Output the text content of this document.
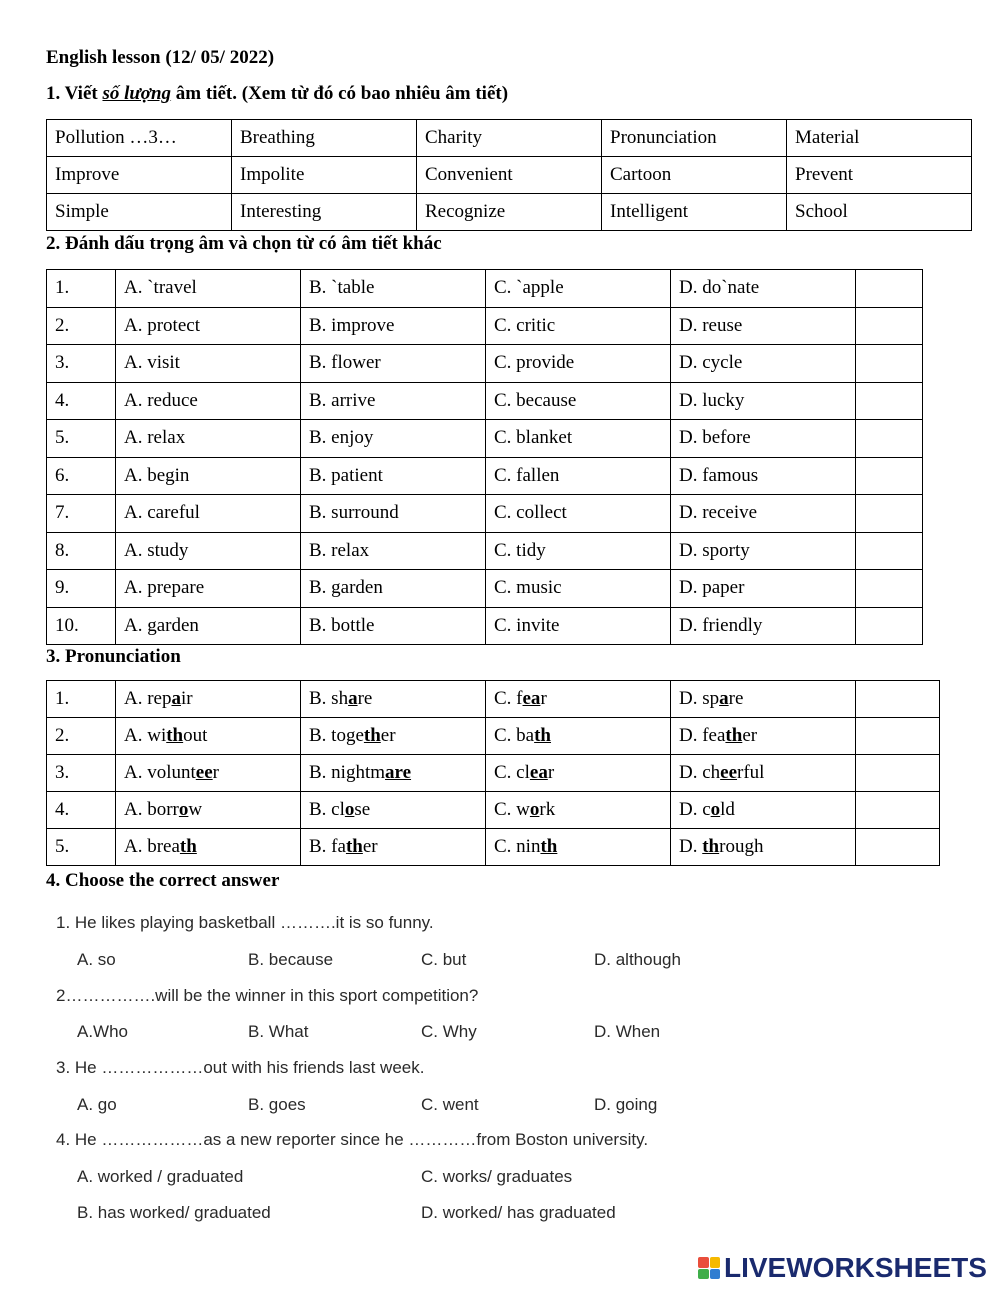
English lesson (12/ 05/ 2022)
1. Viết số lượng âm tiết. (Xem từ đó có bao nhiêu âm tiết)
Pollution …3…	Breathing	Charity	Pronunciation	Material
Improve	Impolite	Convenient	Cartoon	Prevent
Simple	Interesting	Recognize	Intelligent	School
2. Đánh dấu trọng âm và chọn từ có âm tiết khác
1.	A. `travel	B. `table	C. `apple	D. do`nate	
2.	A. protect	B. improve	C. critic	D. reuse	
3.	A. visit	B. flower	C. provide	D. cycle	
4.	A. reduce	B. arrive	C. because	D. lucky	
5.	A. relax	B. enjoy	C. blanket	D. before	
6.	A. begin	B. patient	C. fallen	D. famous	
7.	A. careful	B. surround	C. collect	D. receive	
8.	A. study	B. relax	C. tidy	D. sporty	
9.	A. prepare	B. garden	C. music	D. paper	
10.	A. garden	B. bottle	C. invite	D. friendly	
3. Pronunciation
1.	A. repair	B. share	C. fear	D. spare	
2.	A. without	B. together	C. bath	D. feather	
3.	A. volunteer	B. nightmare	C. clear	D. cheerful	
4.	A. borrow	B. close	C. work	D. cold	
5.	A. breath	B. father	C. ninth	D. through	
4. Choose the correct answer
1. He likes playing basketball ……….it is so funny.
A. so	B. because	C. but	D. although
2…………….will be the winner in this sport competition?
A.Who	B. What	C. Why	D. When
3. He ………………out with his friends last week.
A. go	B. goes	C. went	D. going
4. He ………………as a new reporter since he …………from Boston university.
A. worked / graduated	C. works/ graduates
B. has worked/ graduated	D. worked/ has graduated
LIVEWORKSHEETS
